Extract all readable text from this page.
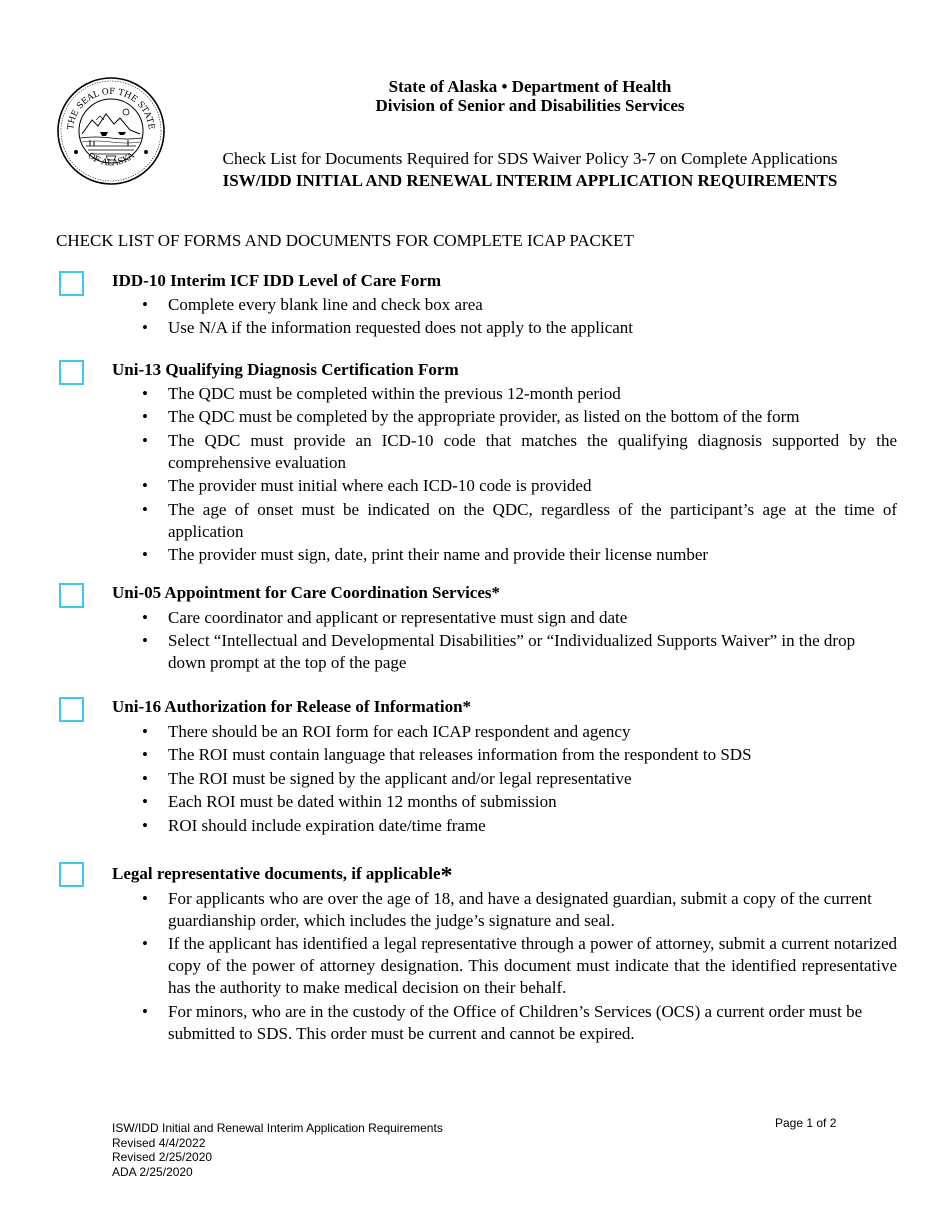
THE SEAL OF THE STATE
OF ALASKA
State of Alaska • Department of Health
Division of Senior and Disabilities Services
Check List for Documents Required for SDS Waiver Policy 3-7 on Complete Applications
ISW/IDD INITIAL AND RENEWAL INTERIM APPLICATION REQUIREMENTS
CHECK LIST OF FORMS AND DOCUMENTS FOR COMPLETE ICAP PACKET
IDD-10 Interim ICF IDD Level of Care Form
• Complete every blank line and check box area
• Use N/A if the information requested does not apply to the applicant
Uni-13 Qualifying Diagnosis Certification Form
• The QDC must be completed within the previous 12-month period
• The QDC must be completed by the appropriate provider, as listed on the bottom of the form
• The QDC must provide an ICD-10 code that matches the qualifying diagnosis supported by the comprehensive evaluation
• The provider must initial where each ICD-10 code is provided
• The age of onset must be indicated on the QDC, regardless of the participant’s age at the time of application
• The provider must sign, date, print their name and provide their license number
Uni-05 Appointment for Care Coordination Services*
• Care coordinator and applicant or representative must sign and date
• Select “Intellectual and Developmental Disabilities” or “Individualized Supports Waiver” in the drop down prompt at the top of the page
Uni-16 Authorization for Release of Information*
• There should be an ROI form for each ICAP respondent and agency
• The ROI must contain language that releases information from the respondent to SDS
• The ROI must be signed by the applicant and/or legal representative
• Each ROI must be dated within 12 months of submission
• ROI should include expiration date/time frame
Legal representative documents, if applicable*
• For applicants who are over the age of 18, and have a designated guardian, submit a copy of the current guardianship order, which includes the judge’s signature and seal.
• If the applicant has identified a legal representative through a power of attorney, submit a current notarized copy of the power of attorney designation. This document must indicate that the identified representative has the authority to make medical decision on their behalf.
• For minors, who are in the custody of the Office of Children’s Services (OCS) a current order must be submitted to SDS. This order must be current and cannot be expired.
ISW/IDD Initial and Renewal Interim Application Requirements
Revised 4/4/2022
Revised 2/25/2020
ADA 2/25/2020
Page 1 of 2
